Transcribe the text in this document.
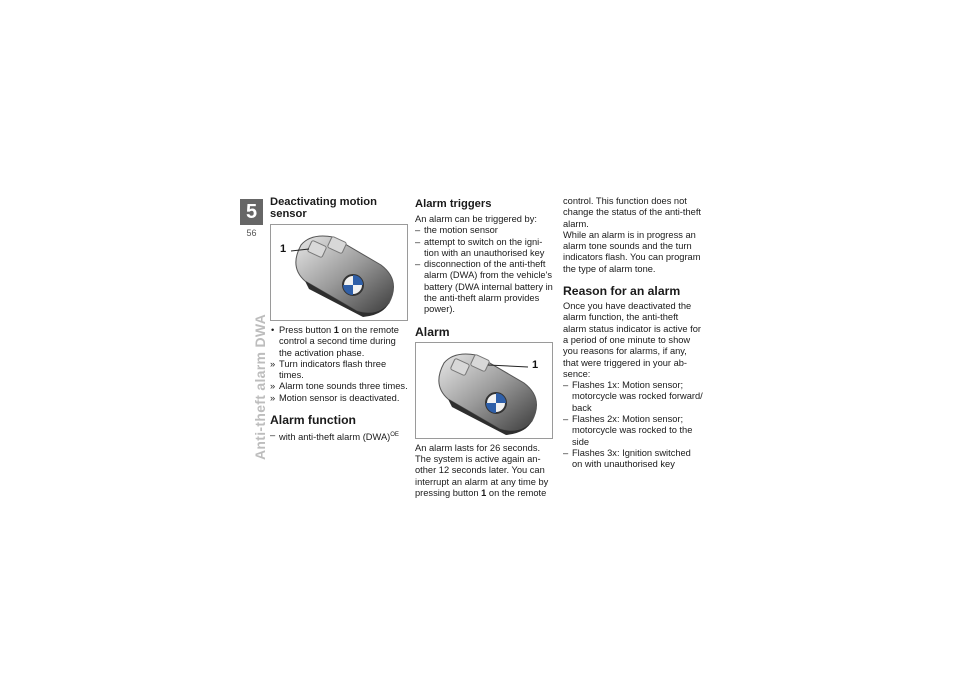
5
56
Anti-theft alarm DWA
Deactivating motion sensor
1
• Press button 1 on the remote control a second time during the activation phase.
» Turn indicators flash three times.
» Alarm tone sounds three times.
» Motion sensor is deactivated.
Alarm function
– with anti-theft alarm (DWA)$^{OE}$
Alarm triggers

An alarm can be triggered by:

– the motion sensor
– attempt to switch on the igni-tion with an unauthorised key
– disconnection of the anti-theft alarm (DWA) from the vehicle's battery (DWA internal battery in the anti-theft alarm provides power).
Alarm
1

An alarm lasts for 26 seconds. The system is active again an-other 12 seconds later. You can interrupt an alarm at any time by pressing button 1 on the remote

control. This function does not change the status of the anti-theft alarm.

While an alarm is in progress an alarm tone sounds and the turn indicators flash. You can program the type of alarm tone.

Reason for an alarm

Once you have deactivated the alarm function, the anti-theft alarm status indicator is active for a period of one minute to show you reasons for alarms, if any, that were triggered in your ab-sence:

– Flashes 1x: Motion sensor; motorcycle was rocked forward/ back
– Flashes 2x: Motion sensor; motorcycle was rocked to the side
– Flashes 3x: Ignition switched on with unauthorised key
